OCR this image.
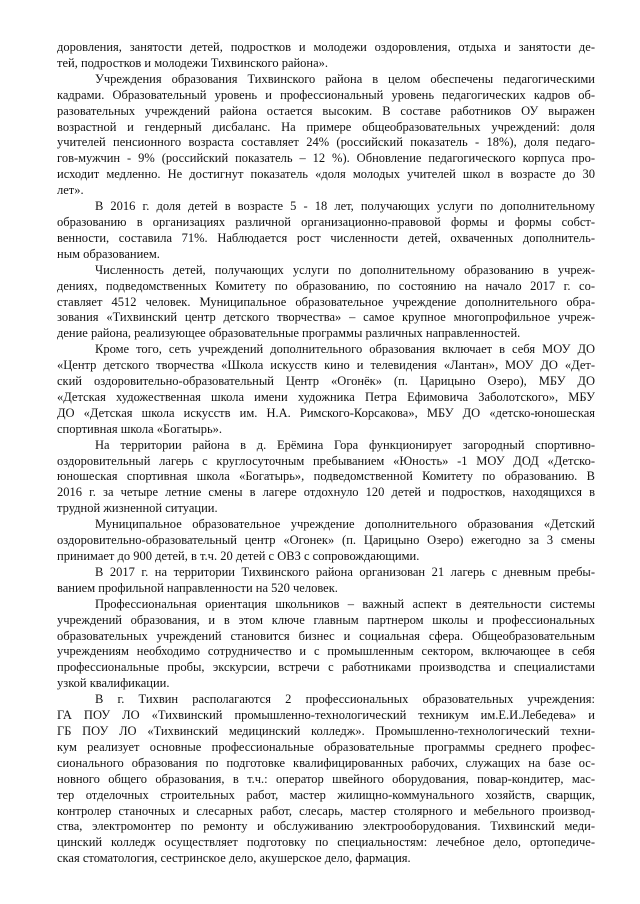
доровления, занятости детей, подростков и молодежи оздоровления, отдыха и занятости де-
тей, подростков и молодежи Тихвинского района».
Учреждения образования Тихвинского района в целом обеспечены педагогическими
кадрами. Образовательный уровень и профессиональный уровень педагогических кадров об-
разовательных учреждений района остается высоким. В составе работников ОУ выражен
возрастной и гендерный дисбаланс. На примере общеобразовательных учреждений: доля
учителей пенсионного возраста составляет 24% (российский показатель - 18%), доля педаго-
гов-мужчин - 9% (российский показатель – 12 %). Обновление педагогического корпуса про-
исходит медленно. Не достигнут показатель «доля молодых учителей школ в возрасте до 30
лет».
В 2016 г. доля детей в возрасте 5 - 18 лет, получающих услуги по дополнительному
образованию в организациях различной организационно-правовой формы и формы собст-
венности, составила 71%. Наблюдается рост численности детей, охваченных дополнитель-
ным образованием.
Численность детей, получающих услуги по дополнительному образованию в учреж-
дениях, подведомственных Комитету по образованию, по состоянию на начало 2017 г. со-
ставляет 4512 человек. Муниципальное образовательное учреждение дополнительного обра-
зования «Тихвинский центр детского творчества» – самое крупное многопрофильное учреж-
дение района, реализующее образовательные программы различных направленностей.
Кроме того, сеть учреждений дополнительного образования включает в себя МОУ ДО
«Центр детского творчества «Школа искусств кино и телевидения «Лантан», МОУ ДО «Дет-
ский оздоровительно-образовательный Центр «Огонёк» (п. Царицыно Озеро), МБУ ДО
«Детская художественная школа имени художника Петра Ефимовича Заболотского», МБУ
ДО «Детская школа искусств им. Н.А. Римского-Корсакова», МБУ ДО «детско-юношеская
спортивная школа «Богатырь».
На территории района в д. Ерёмина Гора функционирует загородный спортивно-
оздоровительный лагерь с круглосуточным пребыванием «Юность» -1 МОУ ДОД «Детско-
юношеская спортивная школа «Богатырь», подведомственной Комитету по образованию. В
2016 г. за четыре летние смены в лагере отдохнуло 120 детей и подростков, находящихся в
трудной жизненной ситуации.
Муниципальное образовательное учреждение дополнительного образования «Детский
оздоровительно-образовательный центр «Огонек» (п. Царицыно Озеро) ежегодно за 3 смены
принимает до 900 детей, в т.ч. 20 детей с ОВЗ с сопровождающими.
В 2017 г. на территории Тихвинского района организован 21 лагерь с дневным пребы-
ванием профильной направленности на 520 человек.
Профессиональная ориентация школьников – важный аспект в деятельности системы
учреждений образования, и в этом ключе главным партнером школы и профессиональных
образовательных учреждений становится бизнес и социальная сфера. Общеобразовательным
учреждениям необходимо сотрудничество и с промышленным сектором, включающее в себя
профессиональные пробы, экскурсии, встречи с работниками производства и специалистами
узкой квалификации.
В г. Тихвин располагаются 2 профессиональных образовательных учреждения:
ГА ПОУ ЛО «Тихвинский промышленно-технологический техникум им.Е.И.Лебедева» и
ГБ ПОУ ЛО «Тихвинский медицинский колледж». Промышленно-технологический техни-
кум реализует основные профессиональные образовательные программы среднего профес-
сионального образования по подготовке квалифицированных рабочих, служащих на базе ос-
новного общего образования, в т.ч.: оператор швейного оборудования, повар-кондитер, мас-
тер отделочных строительных работ, мастер жилищно-коммунального хозяйств, сварщик,
контролер станочных и слесарных работ, слесарь, мастер столярного и мебельного производ-
ства, электромонтер по ремонту и обслуживанию электрооборудования. Тихвинский меди-
цинский колледж осуществляет подготовку по специальностям: лечебное дело, ортопедиче-
ская стоматология, сестринское дело, акушерское дело, фармация.
